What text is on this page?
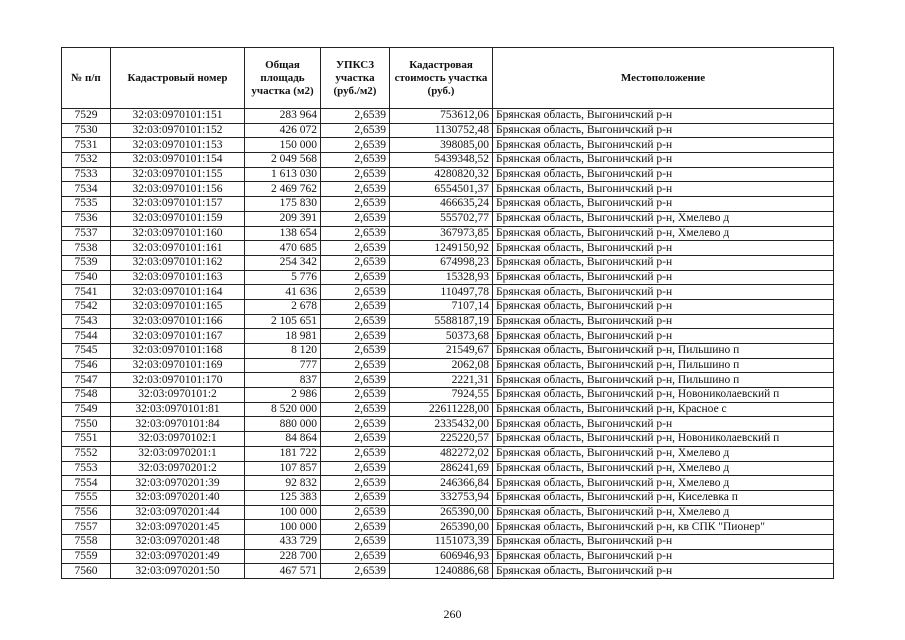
№ п/п	Кадастровый номер	Общая площадь участка (м2)	УПКСЗ участка (руб./м2)	Кадастровая стоимость участка (руб.)	Местоположение
7529	32:03:0970101:151	283 964	2,6539	753612,06	Брянская область, Выгоничский р-н
7530	32:03:0970101:152	426 072	2,6539	1130752,48	Брянская область, Выгоничский р-н
7531	32:03:0970101:153	150 000	2,6539	398085,00	Брянская область, Выгоничский р-н
7532	32:03:0970101:154	2 049 568	2,6539	5439348,52	Брянская область, Выгоничский р-н
7533	32:03:0970101:155	1 613 030	2,6539	4280820,32	Брянская область, Выгоничский р-н
7534	32:03:0970101:156	2 469 762	2,6539	6554501,37	Брянская область, Выгоничский р-н
7535	32:03:0970101:157	175 830	2,6539	466635,24	Брянская область, Выгоничский р-н
7536	32:03:0970101:159	209 391	2,6539	555702,77	Брянская область, Выгоничский р-н, Хмелево д
7537	32:03:0970101:160	138 654	2,6539	367973,85	Брянская область, Выгоничский р-н, Хмелево д
7538	32:03:0970101:161	470 685	2,6539	1249150,92	Брянская область, Выгоничский р-н
7539	32:03:0970101:162	254 342	2,6539	674998,23	Брянская область, Выгоничский р-н
7540	32:03:0970101:163	5 776	2,6539	15328,93	Брянская область, Выгоничский р-н
7541	32:03:0970101:164	41 636	2,6539	110497,78	Брянская область, Выгоничский р-н
7542	32:03:0970101:165	2 678	2,6539	7107,14	Брянская область, Выгоничский р-н
7543	32:03:0970101:166	2 105 651	2,6539	5588187,19	Брянская область, Выгоничский р-н
7544	32:03:0970101:167	18 981	2,6539	50373,68	Брянская область, Выгоничский р-н
7545	32:03:0970101:168	8 120	2,6539	21549,67	Брянская область, Выгоничский р-н, Пильшино п
7546	32:03:0970101:169	777	2,6539	2062,08	Брянская область, Выгоничский р-н, Пильшино п
7547	32:03:0970101:170	837	2,6539	2221,31	Брянская область, Выгоничский р-н, Пильшино п
7548	32:03:0970101:2	2 986	2,6539	7924,55	Брянская область, Выгоничский р-н, Новониколаевский п
7549	32:03:0970101:81	8 520 000	2,6539	22611228,00	Брянская область, Выгоничский р-н, Красное с
7550	32:03:0970101:84	880 000	2,6539	2335432,00	Брянская область, Выгоничский р-н
7551	32:03:0970102:1	84 864	2,6539	225220,57	Брянская область, Выгоничский р-н, Новониколаевский п
7552	32:03:0970201:1	181 722	2,6539	482272,02	Брянская область, Выгоничский р-н, Хмелево д
7553	32:03:0970201:2	107 857	2,6539	286241,69	Брянская область, Выгоничский р-н, Хмелево д
7554	32:03:0970201:39	92 832	2,6539	246366,84	Брянская область, Выгоничский р-н, Хмелево д
7555	32:03:0970201:40	125 383	2,6539	332753,94	Брянская область, Выгоничский р-н, Киселевка п
7556	32:03:0970201:44	100 000	2,6539	265390,00	Брянская область, Выгоничский р-н, Хмелево д
7557	32:03:0970201:45	100 000	2,6539	265390,00	Брянская область, Выгоничский р-н, кв СПК "Пионер"
7558	32:03:0970201:48	433 729	2,6539	1151073,39	Брянская область, Выгоничский р-н
7559	32:03:0970201:49	228 700	2,6539	606946,93	Брянская область, Выгоничский р-н
7560	32:03:0970201:50	467 571	2,6539	1240886,68	Брянская область, Выгоничский р-н
260
